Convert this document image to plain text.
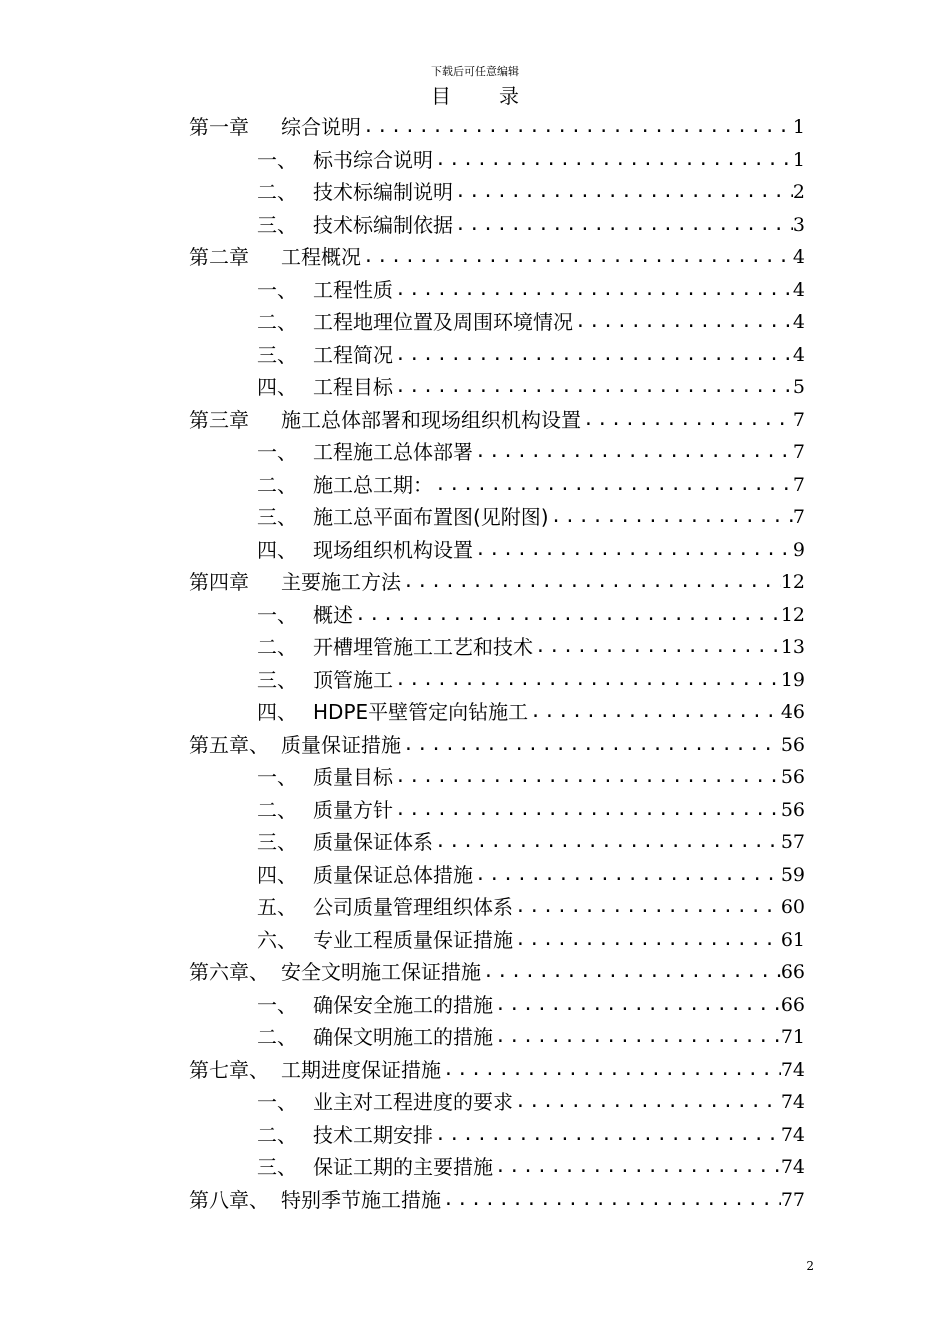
下载后可任意编辑
目 录
第一章	综合说明 .....	1
一、 标书综合说明 .....	1
二、 技术标编制说明 .....	2
三、 技术标编制依据 .....	3
第二章	工程概况 .....	4
一、 工程性质 .....	4
二、 工程地理位置及周围环境情况 .....	4
三、 工程简况 .....	4
四、 工程目标 .....	5
第三章	施工总体部署和现场组织机构设置 .....	7
一、 工程施工总体部署 .....	7
二、 施工总工期： .....	7
三、 施工总平面布置图(见附图) .....	7
四、 现场组织机构设置 .....	9
第四章	主要施工方法 .....	12
一、 概述 .....	12
二、 开槽埋管施工工艺和技术 .....	13
三、 顶管施工 .....	19
四、 HDPE平壁管定向钻施工 .....	46
第五章、 质量保证措施 .....	56
一、 质量目标 .....	56
二、 质量方针 .....	56
三、 质量保证体系 .....	57
四、 质量保证总体措施 .....	59
五、 公司质量管理组织体系 .....	60
六、 专业工程质量保证措施 .....	61
第六章、 安全文明施工保证措施 .....	66
一、 确保安全施工的措施 .....	66
二、 确保文明施工的措施 .....	71
第七章、 工期进度保证措施 .....	74
一、 业主对工程进度的要求 .....	74
二、 技术工期安排 .....	74
三、 保证工期的主要措施 .....	74
第八章、 特别季节施工措施 .....	77
2
